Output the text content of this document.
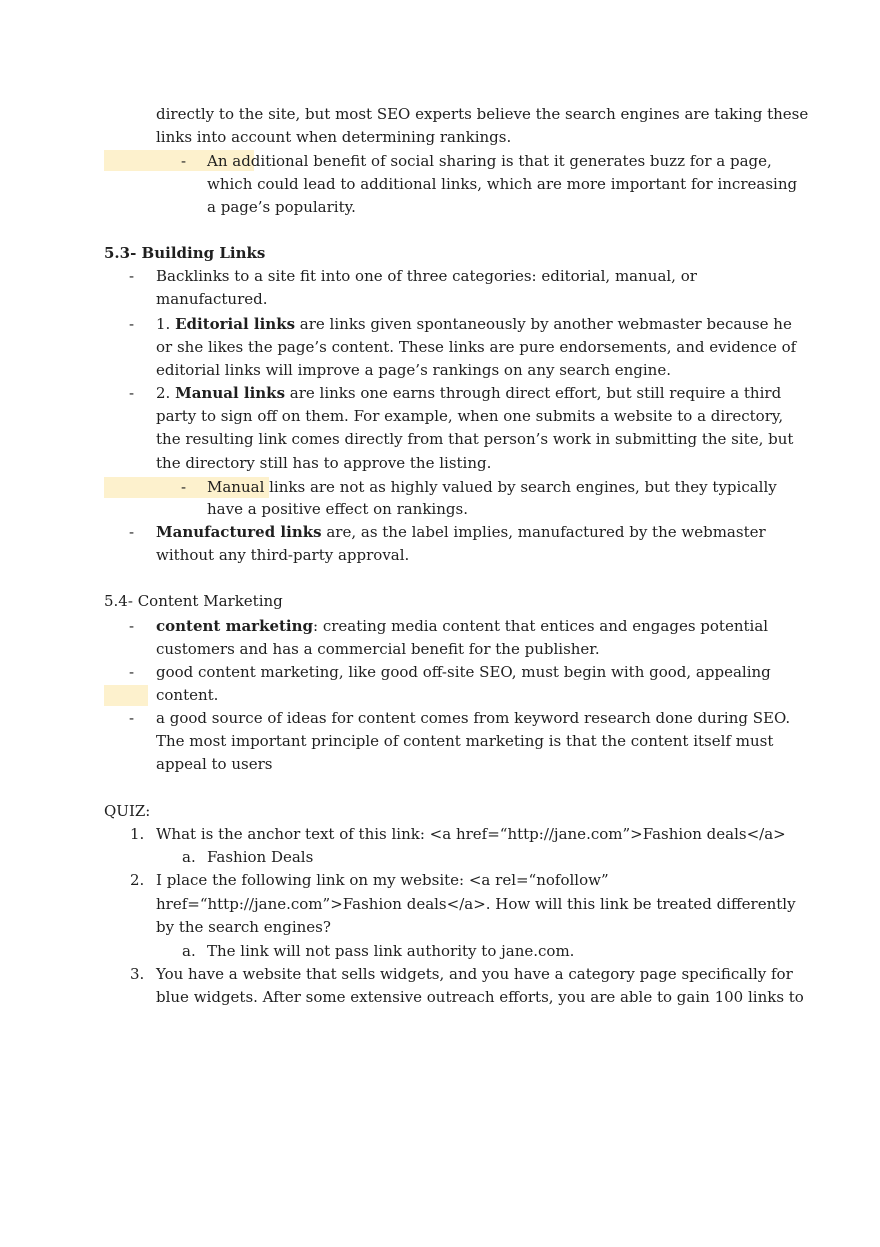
directly to the site, but most SEO experts believe the search engines are taking these
links into account when determining rankings.
- An additional benefit of social sharing is that it generates buzz for a page,
which could lead to additional links, which are more important for increasing
a page’s popularity.
5.3- Building Links
- Backlinks to a site fit into one of three categories: editorial, manual, or
manufactured.
- 1. Editorial links are links given spontaneously by another webmaster because he
or she likes the page’s content. These links are pure endorsements, and evidence of
editorial links will improve a page’s rankings on any search engine.
- 2. Manual links are links one earns through direct effort, but still require a third
party to sign off on them. For example, when one submits a website to a directory,
the resulting link comes directly from that person’s work in submitting the site, but
the directory still has to approve the listing.
- Manual links are not as highly valued by search engines, but they typically
have a positive effect on rankings.
- Manufactured links are, as the label implies, manufactured by the webmaster
without any third-party approval.
5.4- Content Marketing
- content marketing: creating media content that entices and engages potential
customers and has a commercial benefit for the publisher.
- good content marketing, like good off-site SEO, must begin with good, appealing
content.
- a good source of ideas for content comes from keyword research done during SEO.
The most important principle of content marketing is that the content itself must
appeal to users
QUIZ:
1. What is the anchor text of this link: <a href=“http://jane.com”>Fashion deals</a>
a. Fashion Deals
2. I place the following link on my website: <a rel=“nofollow”
href=“http://jane.com”>Fashion deals</a>. How will this link be treated differently
by the search engines?
a. The link will not pass link authority to jane.com.
3. You have a website that sells widgets, and you have a category page specifically for
blue widgets. After some extensive outreach efforts, you are able to gain 100 links to
